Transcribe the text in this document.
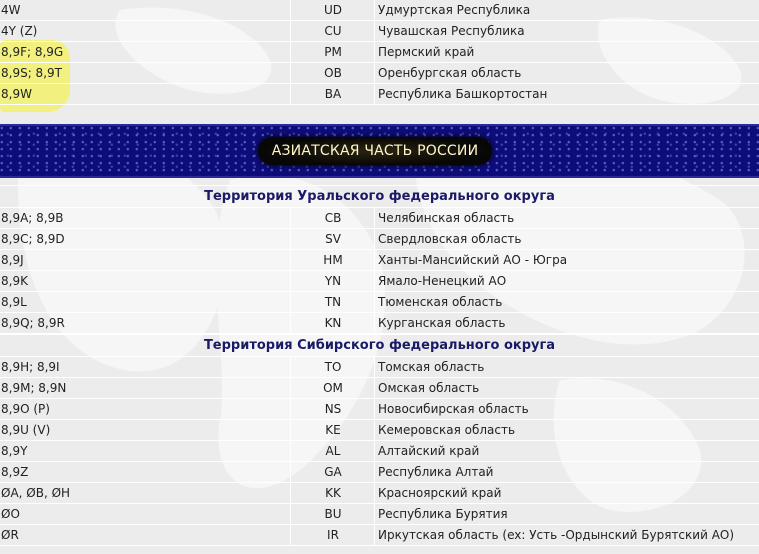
4W	UD	Удмуртская Республика
4Y (Z)	CU	Чувашская Республика
8,9F; 8,9G	PM	Пермский край
8,9S; 8,9T	OB	Оренбургская область
8,9W	BA	Республика Башкортостан
АЗИАТСКАЯ ЧАСТЬ РОССИИ
Территория Уральского федерального округа
8,9A; 8,9B	CB	Челябинская область
8,9C; 8,9D	SV	Свердловская область
8,9J	HM	Ханты-Мансийский АО - Югра
8,9K	YN	Ямало-Ненецкий АО
8,9L	TN	Тюменская область
8,9Q; 8,9R	KN	Курганская область
Территория Сибирского федерального округа
8,9H; 8,9I	TO	Томская область
8,9M; 8,9N	OM	Омская область
8,9O (P)	NS	Новосибирская область
8,9U (V)	KE	Кемеровская область
8,9Y	AL	Алтайский край
8,9Z	GA	Республика Алтай
ØA, ØB, ØH	KK	Красноярский край
ØO	BU	Республика Бурятия
ØR	IR	Иркутская область (ex: Усть -Ордынский Бурятский АО)
